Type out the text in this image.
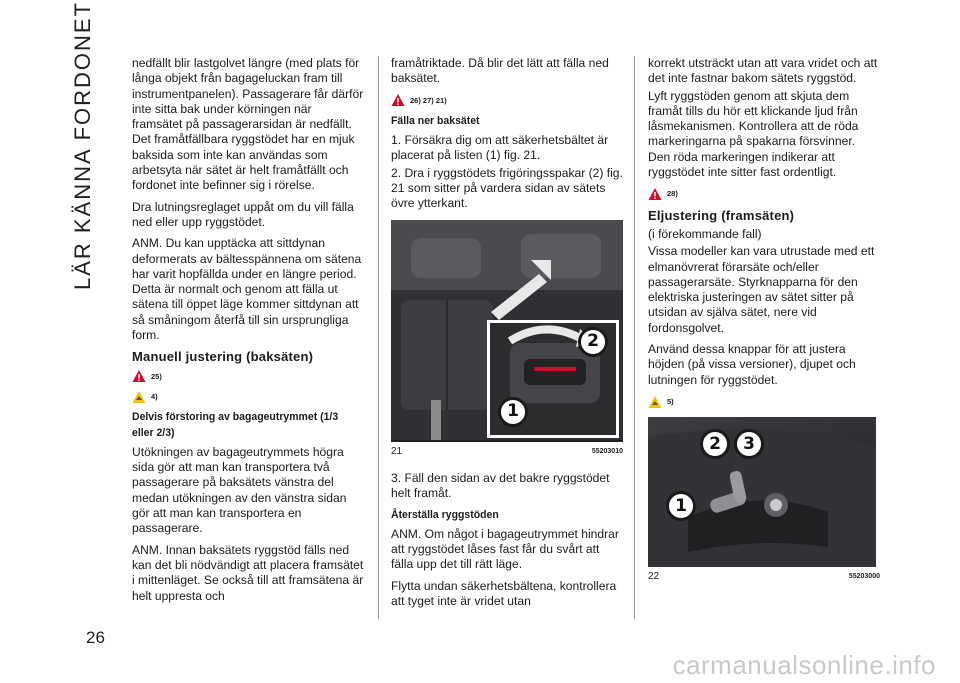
LÄR KÄNNA FORDONET
26

nedfällt blir lastgolvet längre (med plats för långa objekt från bagageluckan fram till instrumentpanelen). Passagerare får därför inte sitta bak under körningen när framsätet på passagerarsidan är nedfällt. Det framåtfällbara ryggstödet har en mjuk baksida som inte kan användas som arbetsyta när sätet är helt framåtfällt och fordonet inte befinner sig i rörelse.

Dra lutningsreglaget uppåt om du vill fälla ned eller upp ryggstödet.

ANM. Du kan upptäcka att sittdynan deformerats av bältesspännena om sätena har varit hopfällda under en längre period. Detta är normalt och genom att fälla ut sätena till öppet läge kommer sittdynan att så småningom återfå till sin ursprungliga form.

Manuell justering (baksäten)
25)
4)
Delvis förstoring av bagageutrymmet (1/3 eller 2/3)

Utökningen av bagageutrymmets högra sida gör att man kan transportera två passagerare på baksätets vänstra del medan utökningen av den vänstra sidan gör att man kan transportera en passagerare.

ANM. Innan baksätets ryggstöd fälls ned kan det bli nödvändigt att placera framsätet i mittenläget. Se också till att framsätena är helt uppresta och

framåtriktade. Då blir det lätt att fälla ned baksätet.

26) 27) 21)
Fälla ner baksätet

1. Försäkra dig om att säkerhetsbältet är placerat på listen (1) fig. 21.

2. Dra i ryggstödets frigöringsspakar (2) fig. 21 som sitter på vardera sidan av sätets övre ytterkant.

2
1
21	55203010

3. Fäll den sidan av det bakre ryggstödet helt framåt.

Återställa ryggstöden

ANM. Om något i bagageutrymmet hindrar att ryggstödet låses fast får du svårt att fälla upp det till rätt läge.

Flytta undan säkerhetsbältena, kontrollera att tyget inte är vridet utan

korrekt utsträckt utan att vara vridet och att det inte fastnar bakom sätets ryggstöd.

Lyft ryggstöden genom att skjuta dem framåt tills du hör ett klickande ljud från låsmekanismen. Kontrollera att de röda markeringarna på spakarna försvinner. Den röda markeringen indikerar att ryggstödet inte sitter fast ordentligt.

28)
Eljustering (framsäten)

(i förekommande fall)

Vissa modeller kan vara utrustade med ett elmanövrerat förarsäte och/eller passagerarsäte. Styrknapparna för den elektriska justeringen av sätet sitter på utsidan av själva sätet, nere vid fordonsgolvet.

Använd dessa knappar för att justera höjden (på vissa versioner), djupet och lutningen för ryggstödet.

5)
2	3
1
22	55203000
carmanualsonline.info
